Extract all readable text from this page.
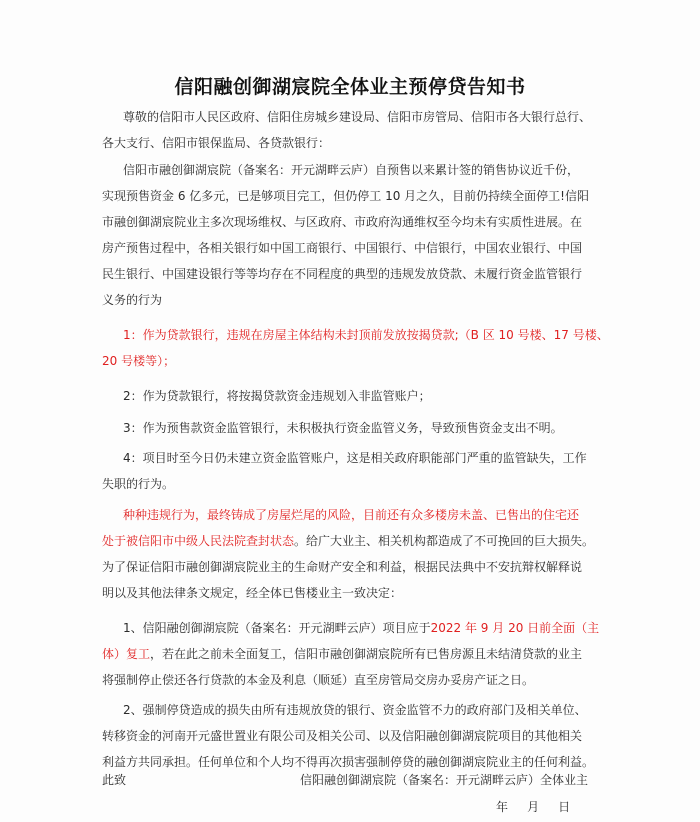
信阳融创御湖宸院全体业主预停贷告知书
尊敬的信阳市人民区政府、信阳住房城乡建设局、信阳市房管局、信阳市各大银行总行、
各大支行、信阳市银保监局、各贷款银行：
信阳市融创御湖宸院（备案名：开元湖畔云庐）自预售以来累计签的销售协议近千份，
实现预售资金 6 亿多元，已是够项目完工，但仍停工 10 月之久，目前仍持续全面停工!信阳
市融创御湖宸院业主多次现场维权、与区政府、市政府沟通维权至今均未有实质性进展。在
房产预售过程中，各相关银行如中国工商银行、中国银行、中信银行，中国农业银行、中国
民生银行、中国建设银行等等均存在不同程度的典型的违规发放贷款、未履行资金监管银行
义务的行为
1：作为贷款银行，违规在房屋主体结构未封顶前发放按揭贷款;（B 区 10 号楼、17 号楼、
20 号楼等）；
2：作为贷款银行，将按揭贷款资金违规划入非监管账户；
3：作为预售款资金监管银行，未积极执行资金监管义务，导致预售资金支出不明。
4：项目时至今日仍未建立资金监管账户，这是相关政府职能部门严重的监管缺失，工作
失职的行为。
种种违规行为，最终铸成了房屋烂尾的风险，目前还有众多楼房未盖、已售出的住宅还
处于被信阳市中级人民法院查封状态。给广大业主、相关机构都造成了不可挽回的巨大损失。
为了保证信阳市融创御湖宸院业主的生命财产安全和利益，根据民法典中不安抗辩权解释说
明以及其他法律条文规定，经全体已售楼业主一致决定：
1、信阳融创御湖宸院（备案名：开元湖畔云庐）项目应于2022 年 9 月 20 日前全面（主
体）复工，若在此之前未全面复工，信阳市融创御湖宸院所有已售房源且未结清贷款的业主
将强制停止偿还各行贷款的本金及利息（顺延）直至房管局交房办妥房产证之日。
2、强制停贷造成的损失由所有违规放贷的银行、资金监管不力的政府部门及相关单位、
转移资金的河南开元盛世置业有限公司及相关公司、以及信阳融创御湖宸院项目的其他相关
利益方共同承担。任何单位和个人均不得再次损害强制停贷的融创御湖宸院业主的任何利益。
此致	信阳融创御湖宸院（备案名：开元湖畔云庐）全体业主
年     月     日
